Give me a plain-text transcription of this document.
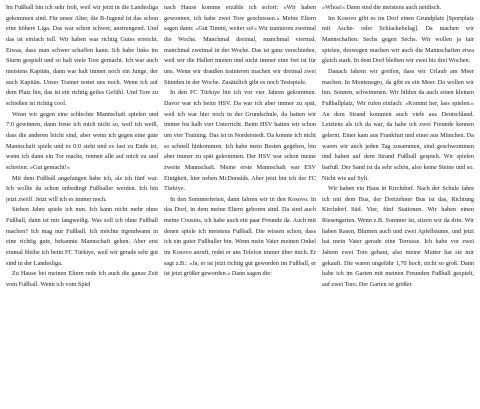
Im Fußball bin ich sehr froh, weil wir jetzt in die Landesliga gekommen sind. Für unser Alter, die B-Jugend ist das schon eine höhere Liga. Das war schon schwer, anstrengend. Und das ist einfach toll. Wir haben was richtig Gutes erreicht. Etwas, dass man schwer schaffen kann. Ich habe links im Sturm gespielt und so halt viele Tore gemacht. Ich war auch meistens Kapitän, dann war halt immer noch ein Junge, der auch Kapitän. Unser Trainer testet uns noch. Wenn ich auf dem Platz bin, das ist ein richtig geiles Gefühl. Und Tore zu schießen ist richtig cool.

Wenn wir gegen eine schlechte Mannschaft spielen und 7:0 gewinnen, dann freue ich mich nicht so, weil ich weiß, dass die anderen leicht sind, aber wenn ich gegen eine gute Mannschaft spiele und es 0:0 steht und es fast zu Ende ist, wenn ich dann ein Tor mache, rennen alle auf mich zu und schreien: »Gut gemacht!«

Mit dem Fußball angefangen habe ich, als ich fünf war. Ich wollte da schon unbedingt Fußballer werden. Ich bin jetzt zwölf. Jetzt will ich es immer noch.

Sieben Jahre spiele ich nun. Ich kann nicht mehr ohne Fußball, dann ist mir langweilig. Was soll ich ohne Fußball machen? Ich mag nur Fußball. Ich möchte irgendwann in eine richtig gute, bekannte Mannschaft gehen. Aber erst einmal bleibe ich beim FC Türkiye, weil wir gerade sehr gut sind in der Landesliga.

Zu Hause bei meinen Eltern rede ich auch die ganze Zeit vom Fußball. Wenn ich vom Spiel

nach Hause komme erzähle ich sofort: »Wir haben gewonnen, ich habe zwei Tore geschossen.« Meine Eltern sagen dann: »Gut Timmi, weiter so!« Wir trainieren zweimal die Woche. Manchmal dreimal, manchmal viermal, manchmal zweimal in der Woche. Das ist ganz verschieden, weil wir die Hallen mieten und nicht immer eine frei ist für uns. Wenn wir draußen trainieren machen wir dreimal zwei Stunden in der Woche. Zusätzlich gibt es noch Testspiele.

In den FC Türkiye bin ich vor vier Jahren gekommen. Davor war ich beim HSV. Da war ich aber immer zu spät, weil ich war hier noch in der Grundschule, da hatten wir immer bis halb vier Unterricht. Beim HSV hatten wir schon um vier Training. Das ist in Norderstedt. Da konnte ich nicht so schnell hinkommen. Ich habe mein Besten gegeben, bin aber immer zu spät gekommen. Der HSV war schon meine zweite Mannschaft. Meine erste Mannschaft war ESV Einigkeit, hier neben McDonalds. Aber jetzt bin ich der FC Türkiye.

In den Sommerferien, dann fahren wir in den Kosovo. In das Dorf, in dem meine Eltern geboren sind. Da sind auch meine Cousins, ich habe auch ein paar Freunde da. Auch mit denen spiele ich meistens Fußball. Die wissen schon, dass ich ein guter Fußballer bin. Wenn mein Vater meinen Onkel im Kosovo anruft, redet er ans Telefon immer über mich. Er sagt z.B.: »Ja, er ist jetzt richtig gut geworden im Fußball, er ist jetzt größer geworden.« Dann sagen die:

»Whoa!« Dann sind die meistens auch neidisch.

Im Kosovo gibt es im Dorf einen Grundplatz [Sportplatz mit Asche- oder Schlackebelag]. Da machen wir Mannschaften. Sechs gegen Sechs. Wir wollen ja fair spielen, deswegen machen wir auch die Mannschaften etwa gleich stark. In dem Dorf bleiben wir zwei bis drei Wochen.

Danach fahren wir greifen, dass wir Urlaub am Meer machen. In Montenegro, da gibt es ein Meer. Da wollen wir hin. Sonnen, schwimmen. Wir bilden da auch einen kleinen Fußballplatz, Wir rufen einfach: »Kommt her, lass spielen.« An dem Strand kommen auch viele aus Deutschland. Letztens als ich da war, da habe ich zwei Freunde kennen gelernt. Einer kam aus Frankfurt und einer aus München. Da waren wir auch jeden Tag zusammen, sind geschwommen und haben auf dem Strand Fußball gespielt. Wir spielen barfuß. Der Sand ist da sehr schön, also keine Steine und so. Nicht wie auf Sylt.

Wir haben ein Haus in Kirchdorf. Nach der Schule fahre ich mit dem Bus, der Dreizehner Bus ist das, Richtung Kirchdorf Süd. Vier, fünf Stationen. Wir haben einen Riesengarten. Wenn z.B. Sommer ist, sitzen wir da drin. Wir haben Rasen, Blumen auch und zwei Apfelbäume, und jetzt hat mein Vater gerade eine Terrasse. Ich habe vor zwei Jahren zwei Tore gebaut, also meine Mutter hat sie mir gekauft. Die waren ungefähr 1,70 hoch, nicht so groß. Dann habe ich im Garten mit meinen Freunden Fußball gespielt, auf zwei Tore. Der Garten ist größer
